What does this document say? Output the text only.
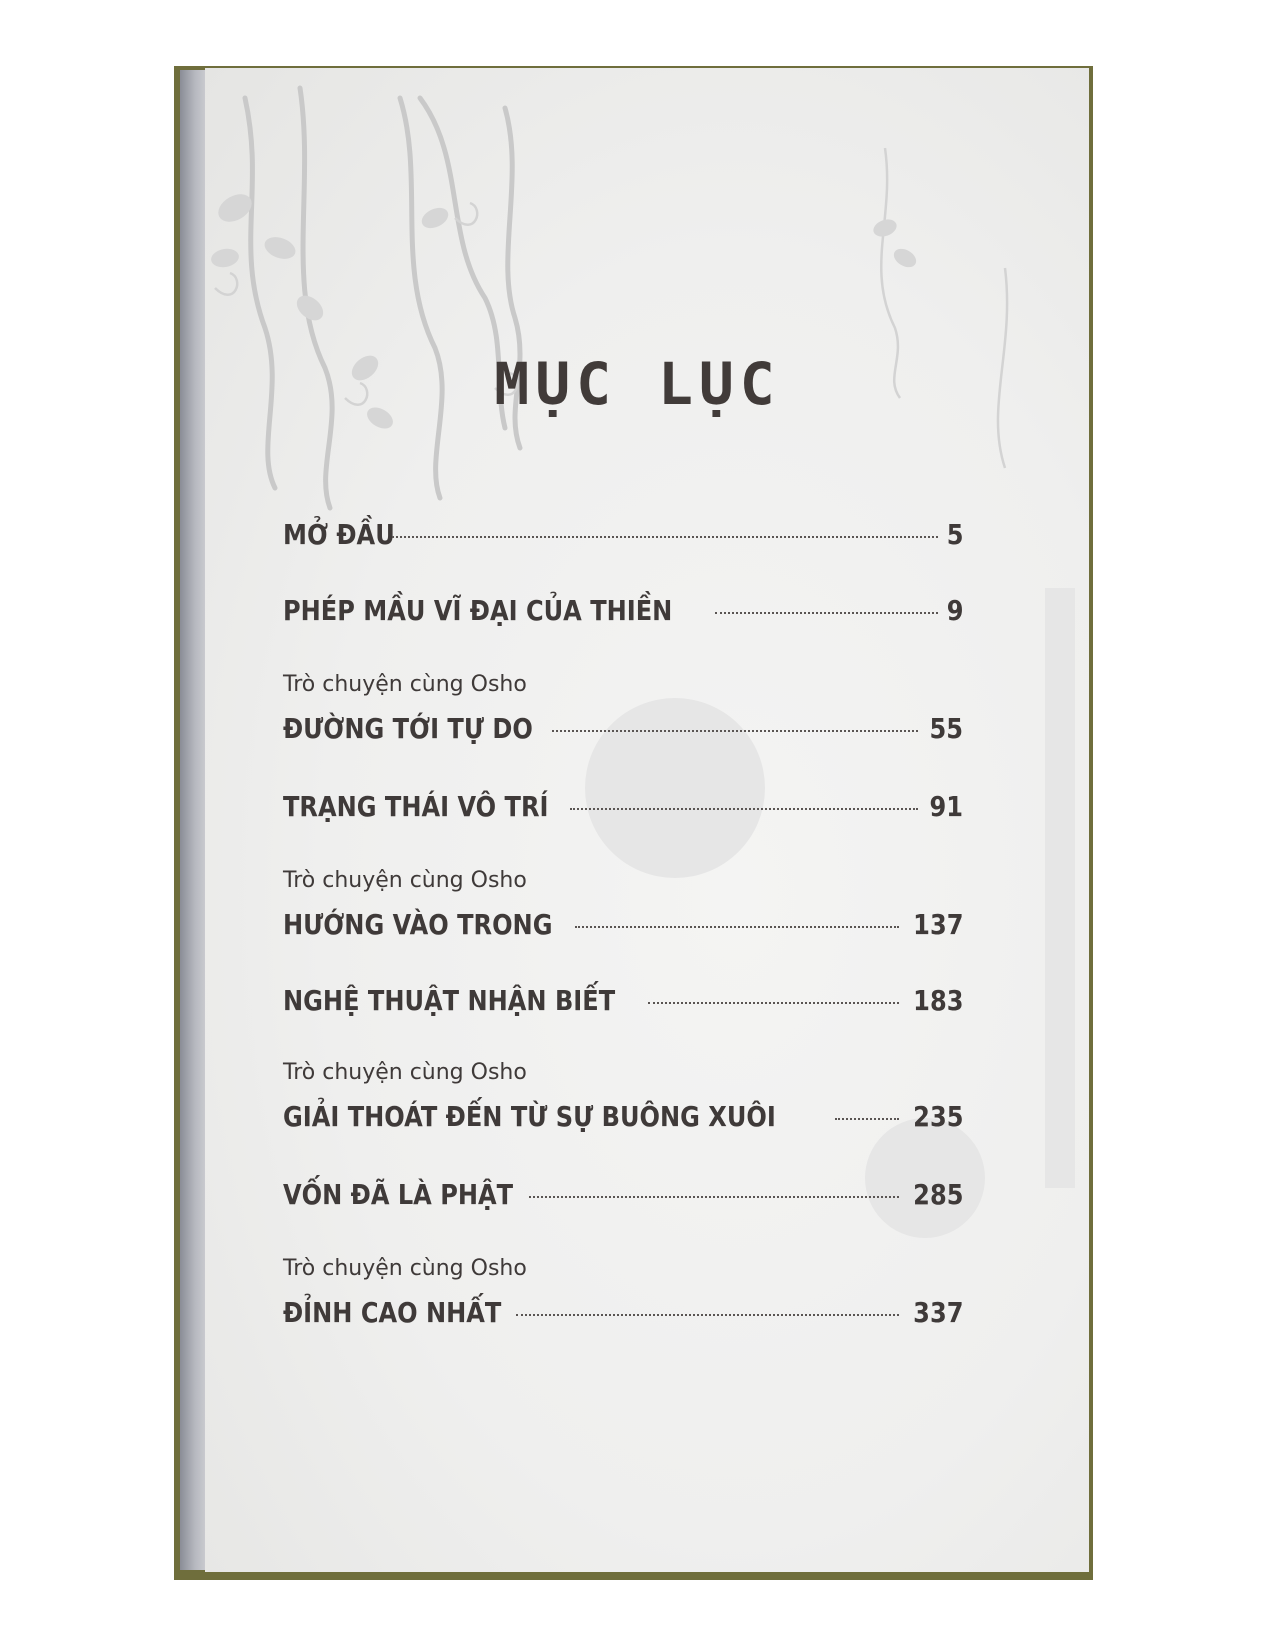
MỤC LỤC
MỞ ĐẦU	5
PHÉP MẦU VĨ ĐẠI CỦA THIỀN	9
Trò chuyện cùng Osho
ĐƯỜNG TỚI TỰ DO	55
TRẠNG THÁI VÔ TRÍ	91
Trò chuyện cùng Osho
HƯỚNG VÀO TRONG	137
NGHỆ THUẬT NHẬN BIẾT	183
Trò chuyện cùng Osho
GIẢI THOÁT ĐẾN TỪ SỰ BUÔNG XUÔI	235
VỐN ĐÃ LÀ PHẬT	285
Trò chuyện cùng Osho
ĐỈNH CAO NHẤT	337
